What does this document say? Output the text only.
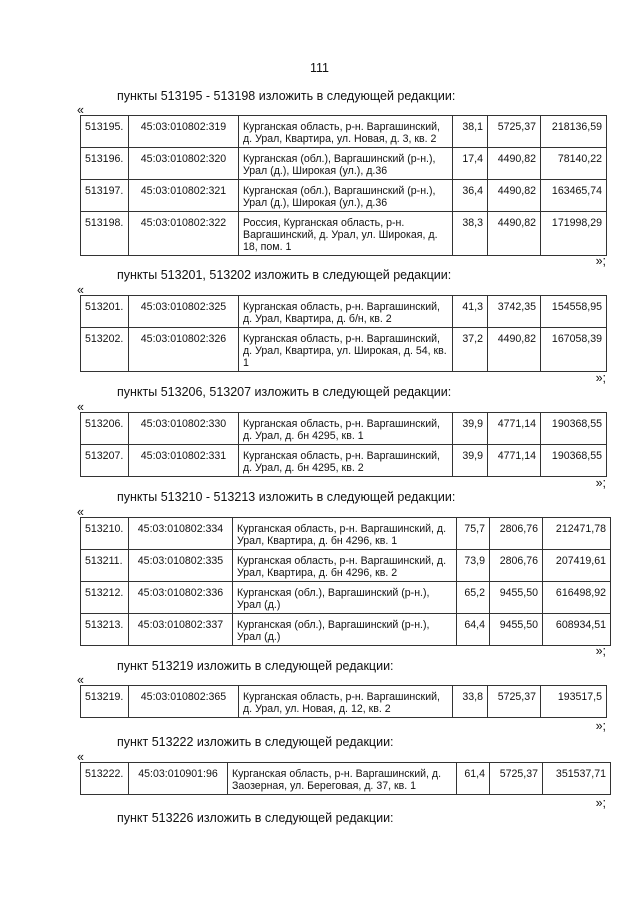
111
пункты 513195 - 513198 изложить в следующей редакции:
«
513195.	45:03:010802:319	Курганская область, р-н. Варгашинский, д. Урал, Квартира, ул. Новая, д. 3, кв. 2	38,1	5725,37	218136,59
513196.	45:03:010802:320	Курганская (обл.), Варгашинский (р-н.), Урал (д.), Широкая (ул.), д.36	17,4	4490,82	78140,22
513197.	45:03:010802:321	Курганская (обл.), Варгашинский (р-н.), Урал (д.), Широкая (ул.), д.36	36,4	4490,82	163465,74
513198.	45:03:010802:322	Россия, Курганская область, р-н. Варгашинский, д. Урал, ул. Широкая, д. 18, пом. 1	38,3	4490,82	171998,29
»;
пункты 513201, 513202 изложить в следующей редакции:
«
513201.	45:03:010802:325	Курганская область, р-н. Варгашинский, д. Урал, Квартира, д. б/н, кв. 2	41,3	3742,35	154558,95
513202.	45:03:010802:326	Курганская область, р-н. Варгашинский, д. Урал, Квартира, ул. Широкая, д. 54, кв. 1	37,2	4490,82	167058,39
»;
пункты 513206, 513207 изложить в следующей редакции:
«
513206.	45:03:010802:330	Курганская область, р-н. Варгашинский, д. Урал, д. бн 4295, кв. 1	39,9	4771,14	190368,55
513207.	45:03:010802:331	Курганская область, р-н. Варгашинский, д. Урал, д. бн 4295, кв. 2	39,9	4771,14	190368,55
»;
пункты 513210 - 513213 изложить в следующей редакции:
«
513210.	45:03:010802:334	Курганская область, р-н. Варгашинский, д. Урал, Квартира, д. бн 4296, кв. 1	75,7	2806,76	212471,78
513211.	45:03:010802:335	Курганская область, р-н. Варгашинский, д. Урал, Квартира, д. бн 4296, кв. 2	73,9	2806,76	207419,61
513212.	45:03:010802:336	Курганская (обл.), Варгашинский (р-н.), Урал (д.)	65,2	9455,50	616498,92
513213.	45:03:010802:337	Курганская (обл.), Варгашинский (р-н.), Урал (д.)	64,4	9455,50	608934,51
»;
пункт 513219 изложить в следующей редакции:
«
513219.	45:03:010802:365	Курганская область, р-н. Варгашинский, д. Урал, ул. Новая, д. 12, кв. 2	33,8	5725,37	193517,5
»;
пункт 513222 изложить в следующей редакции:
«
513222.	45:03:010901:96	Курганская область, р-н. Варгашинский, д. Заозерная, ул. Береговая, д. 37, кв. 1	61,4	5725,37	351537,71
»;
пункт 513226 изложить в следующей редакции:
